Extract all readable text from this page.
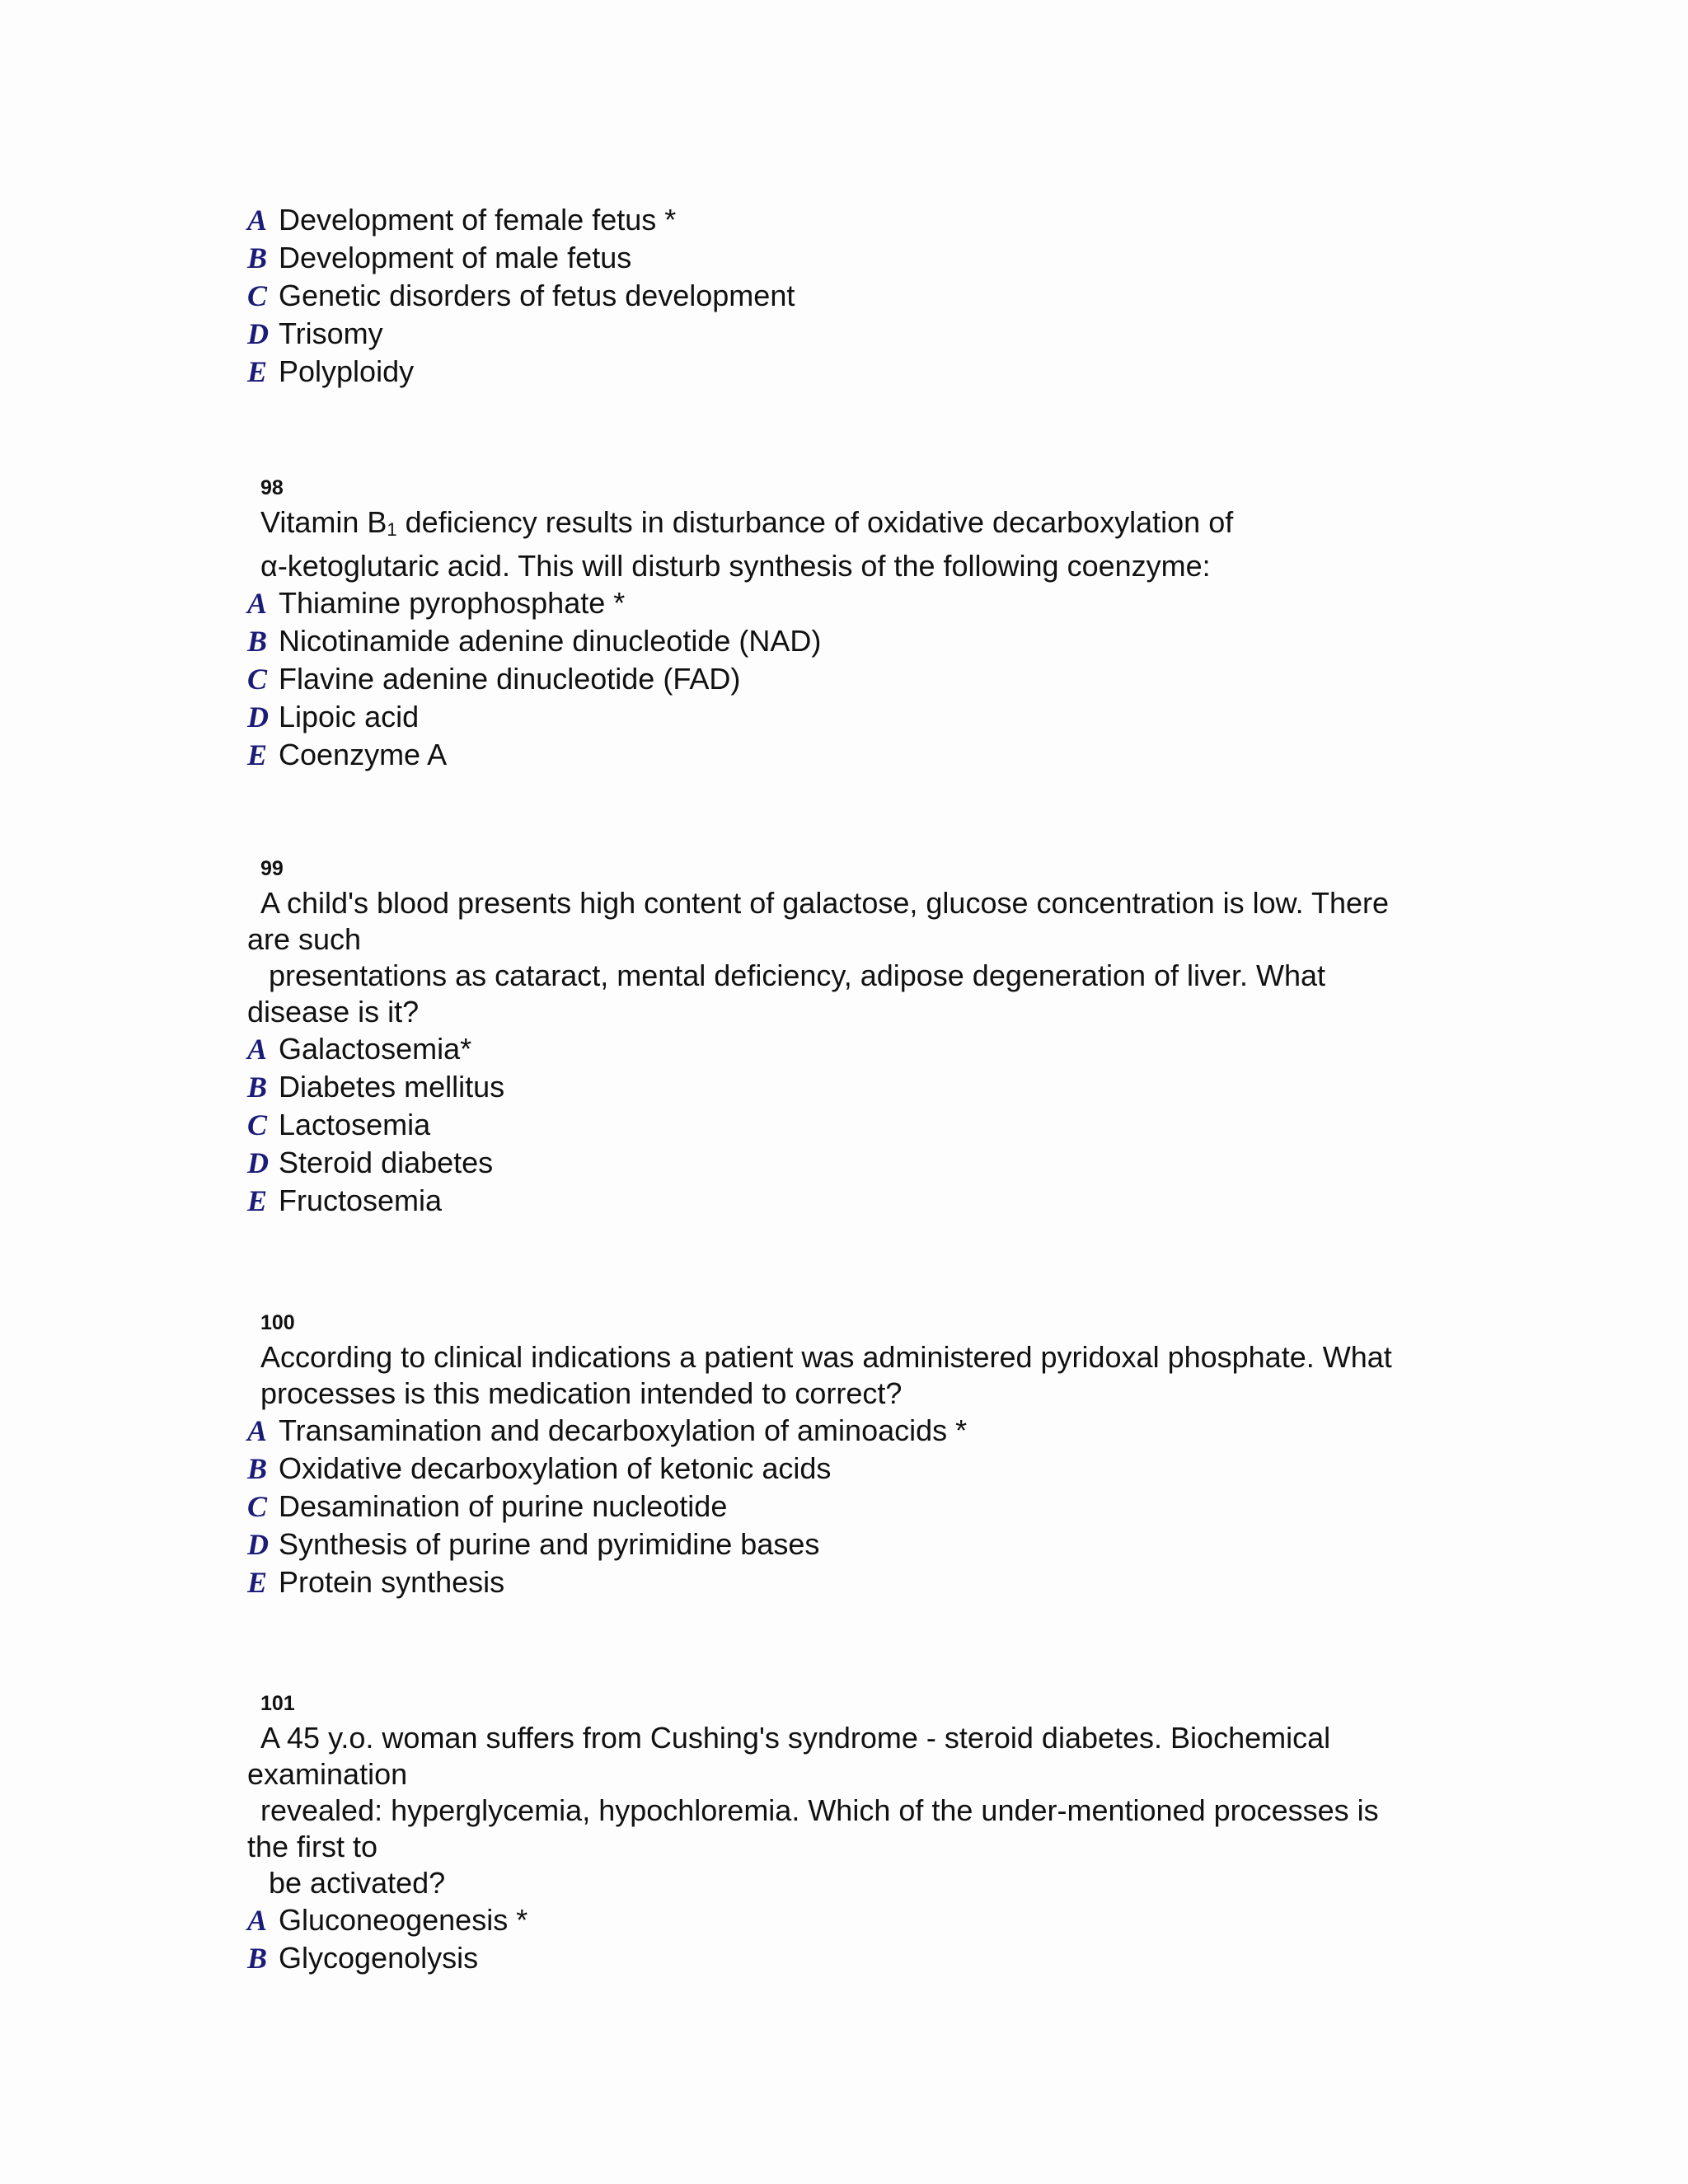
A Development of female fetus *
B Development of male fetus
C Genetic disorders of fetus development
D Trisomy
E Polyploidy
98
Vitamin $B_1$ deficiency results in disturbance of oxidative decarboxylation of
α-ketoglutaric acid. This will disturb synthesis of the following coenzyme:
A Thiamine pyrophosphate *
B Nicotinamide adenine dinucleotide (NAD)
C Flavine adenine dinucleotide (FAD)
D Lipoic acid
E Coenzyme A
99
A child's blood presents high content of galactose, glucose concentration is low. There
are such
presentations as cataract, mental deficiency, adipose degeneration of liver. What
disease is it?
A Galactosemia*
B Diabetes mellitus
C Lactosemia
D Steroid diabetes
E Fructosemia
100
According to clinical indications a patient was administered pyridoxal phosphate. What
processes is this medication intended to correct?
A Transamination and decarboxylation of aminoacids *
B Oxidative decarboxylation of ketonic acids
C Desamination of purine nucleotide
D Synthesis of purine and pyrimidine bases
E Protein synthesis
101
A 45 y.o. woman suffers from Cushing's syndrome - steroid diabetes. Biochemical
examination
revealed: hyperglycemia, hypochloremia. Which of the under-mentioned processes is
the first to
be activated?
A Gluconeogenesis *
B Glycogenolysis
